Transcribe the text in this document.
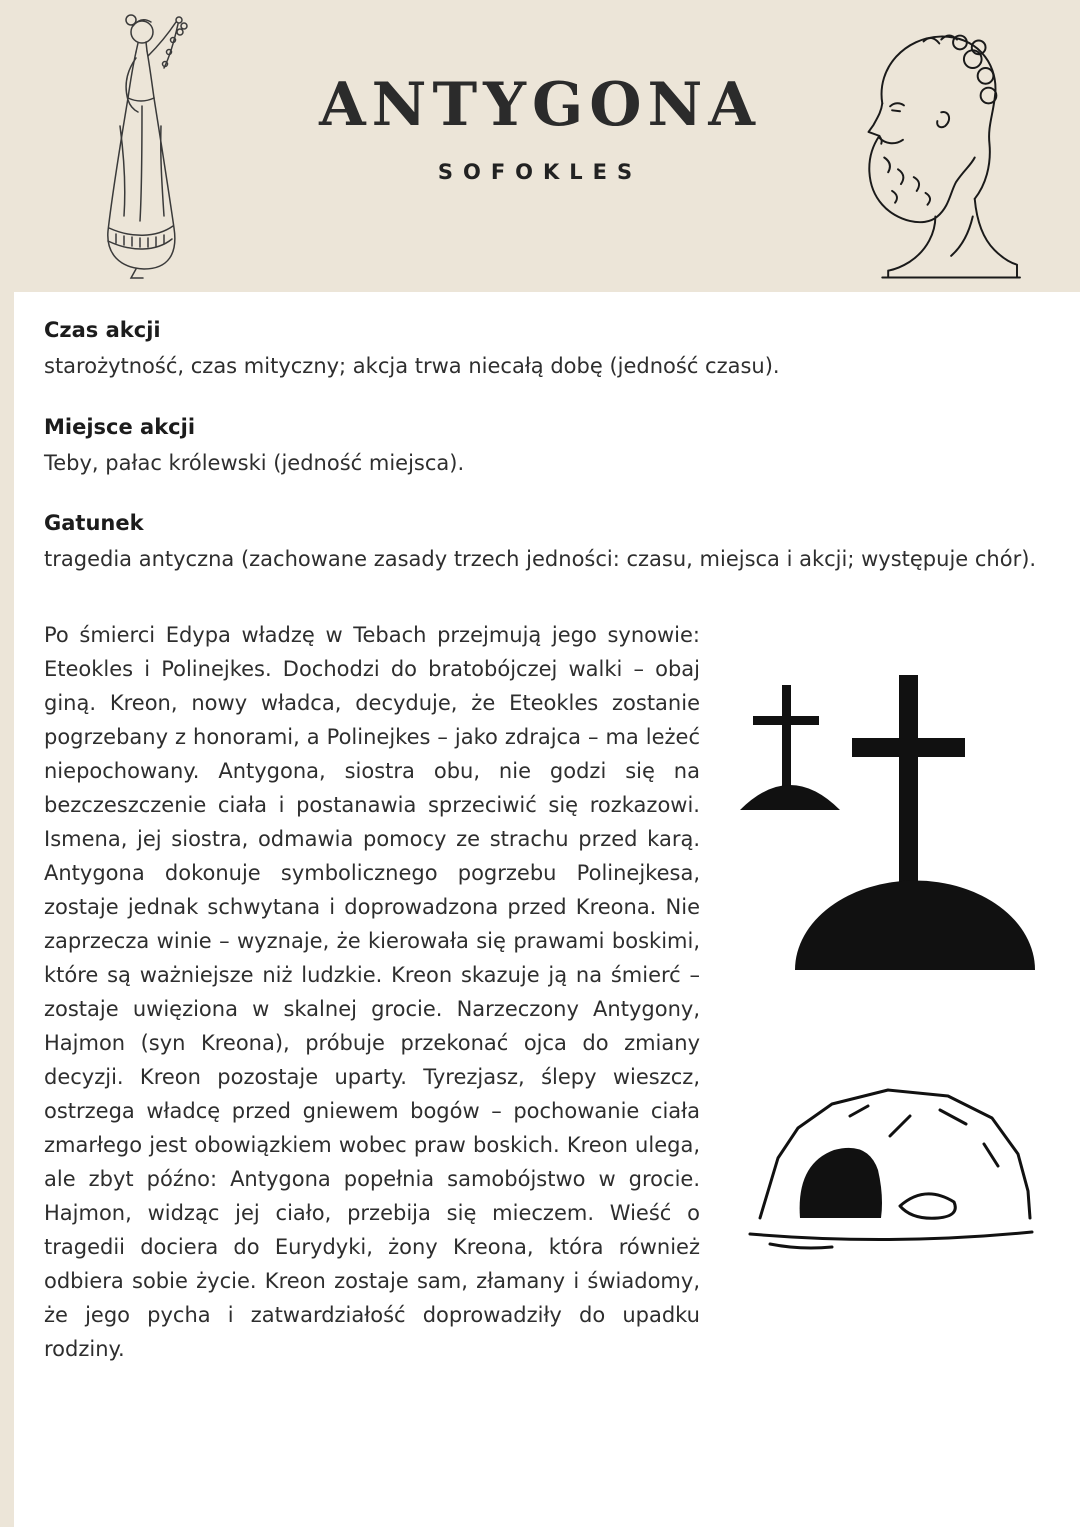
ANTYGONA
SOFOKLES
Czas akcji

starożytność, czas mityczny; akcja trwa niecałą dobę (jedność czasu).

Miejsce akcji

Teby, pałac królewski (jedność miejsca).

Gatunek

tragedia antyczna (zachowane zasady trzech jedności: czasu, miejsca i akcji; występuje chór).

Po śmierci Edypa władzę w Tebach przejmują jego synowie: Eteokles i Polinejkes. Dochodzi do bratobójczej walki – obaj giną. Kreon, nowy władca, decyduje, że Eteokles zostanie pogrzebany z honorami, a Polinejkes – jako zdrajca – ma leżeć niepochowany. Antygona, siostra obu, nie godzi się na bezczeszczenie ciała i postanawia sprzeciwić się rozkazowi. Ismena, jej siostra, odmawia pomocy ze strachu przed karą. Antygona dokonuje symbolicznego pogrzebu Polinejkesa, zostaje jednak schwytana i doprowadzona przed Kreona. Nie zaprzecza winie – wyznaje, że kierowała się prawami boskimi, które są ważniejsze niż ludzkie. Kreon skazuje ją na śmierć – zostaje uwięziona w skalnej grocie. Narzeczony Antygony, Hajmon (syn Kreona), próbuje przekonać ojca do zmiany decyzji. Kreon pozostaje uparty. Tyrezjasz, ślepy wieszcz, ostrzega władcę przed gniewem bogów – pochowanie ciała zmarłego jest obowiązkiem wobec praw boskich. Kreon ulega, ale zbyt późno: Antygona popełnia samobójstwo w grocie. Hajmon, widząc jej ciało, przebija się mieczem. Wieść o tragedii dociera do Eurydyki, żony Kreona, która również odbiera sobie życie. Kreon zostaje sam, złamany i świadomy, że jego pycha i zatwardziałość doprowadziły do upadku rodziny.
